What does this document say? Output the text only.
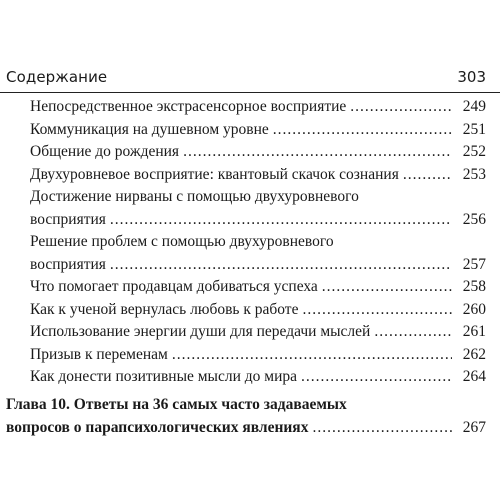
Содержание	303
Непосредственное экстрасенсорное восприятие .....	249
Коммуникация на душевном уровне .....	251
Общение до рождения .....	252
Двухуровневое восприятие: квантовый скачок сознания .....	253
Достижение нирваны с помощью двухуровневого
восприятия .....	256
Решение проблем с помощью двухуровневого
восприятия .....	257
Что помогает продавцам добиваться успеха .....	258
Как к ученой вернулась любовь к работе .....	260
Использование энергии души для передачи мыслей .....	261
Призыв к переменам .....	262
Как донести позитивные мысли до мира .....	264
Глава 10. Ответы на 36 самых часто задаваемых
вопросов о парапсихологических явлениях .....	267
